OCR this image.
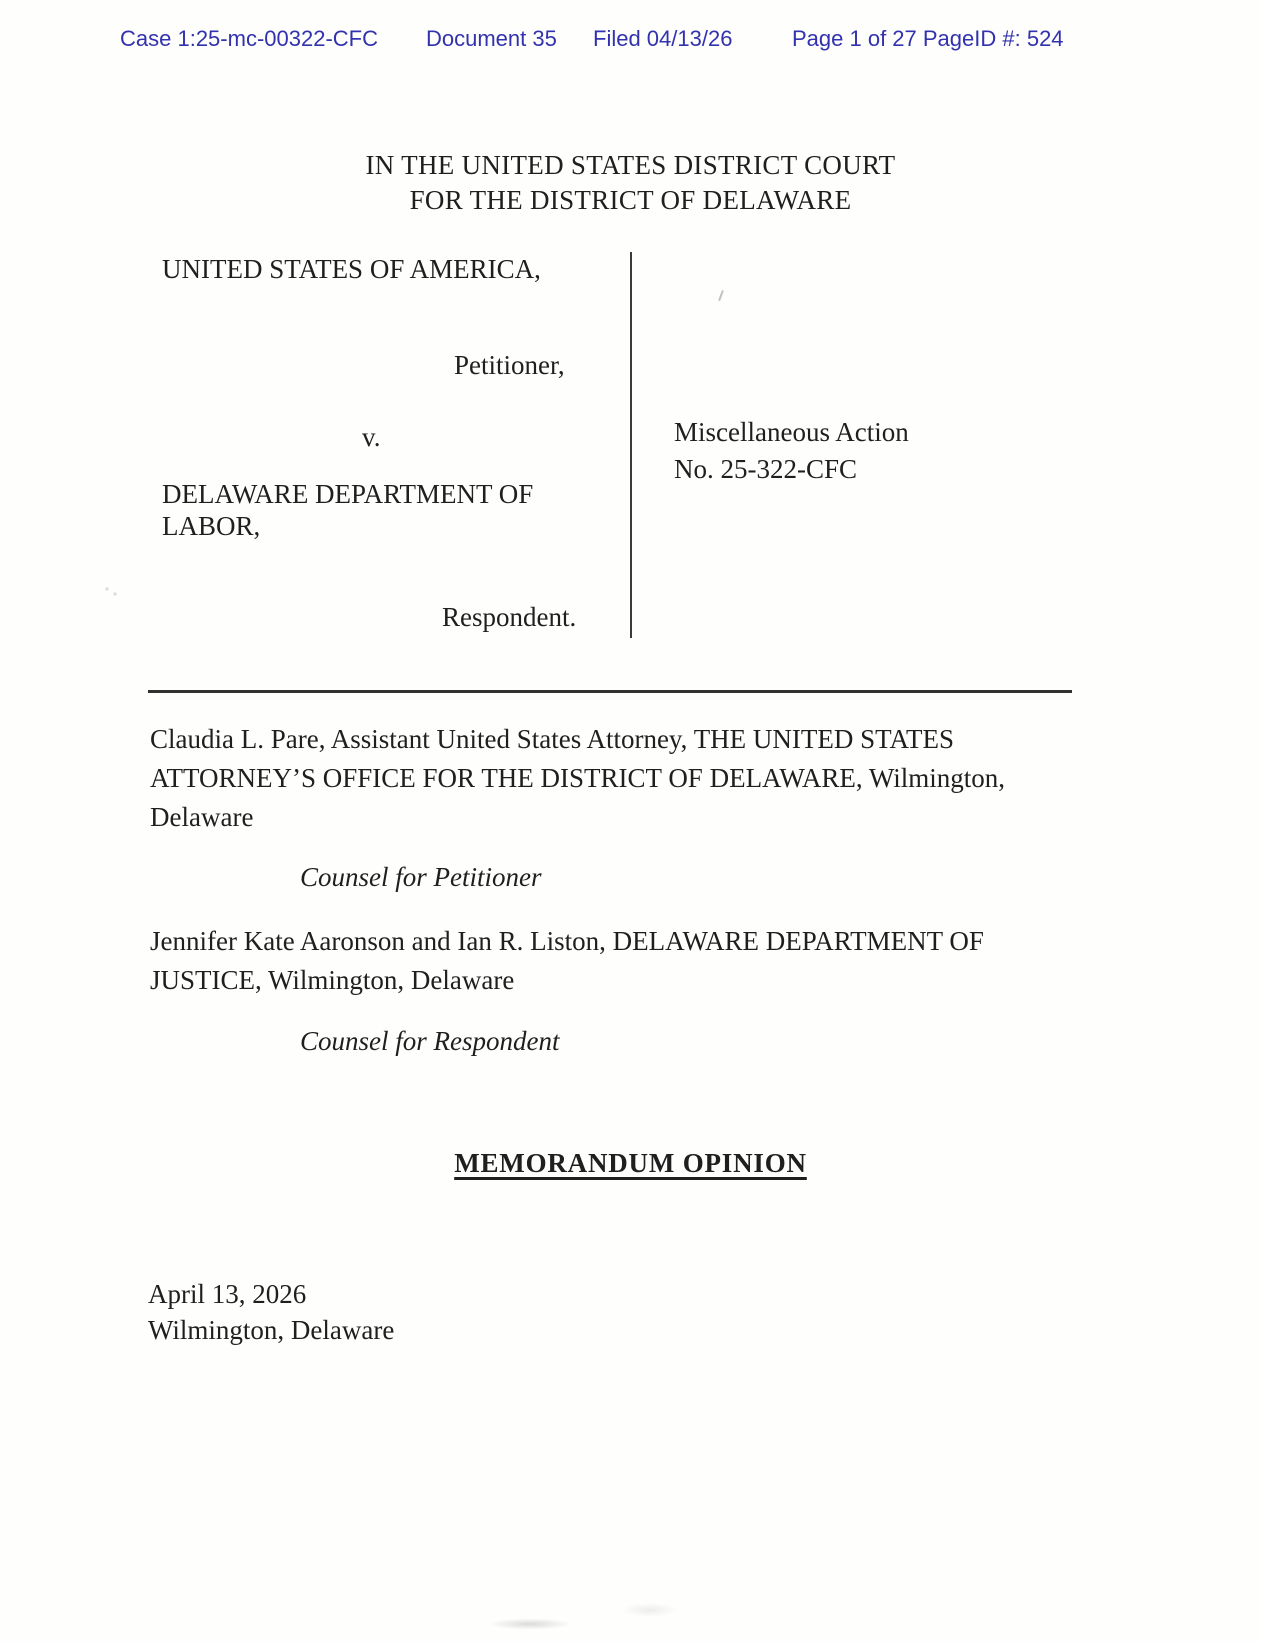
Case 1:25-mc-00322-CFC Document 35 Filed 04/13/26	Page 1 of 27 PageID #: 524
IN THE UNITED STATES DISTRICT COURT
FOR THE DISTRICT OF DELAWARE
UNITED STATES OF AMERICA,
Petitioner,
v.
DELAWARE DEPARTMENT OF
LABOR,
Respondent.
Miscellaneous Action
No. 25-322-CFC
Claudia L. Pare, Assistant United States Attorney, THE UNITED STATES
ATTORNEY’S OFFICE FOR THE DISTRICT OF DELAWARE, Wilmington,
Delaware
Counsel for Petitioner
Jennifer Kate Aaronson and Ian R. Liston, DELAWARE DEPARTMENT OF
JUSTICE, Wilmington, Delaware
Counsel for Respondent
MEMORANDUM OPINION
April 13, 2026
Wilmington, Delaware
